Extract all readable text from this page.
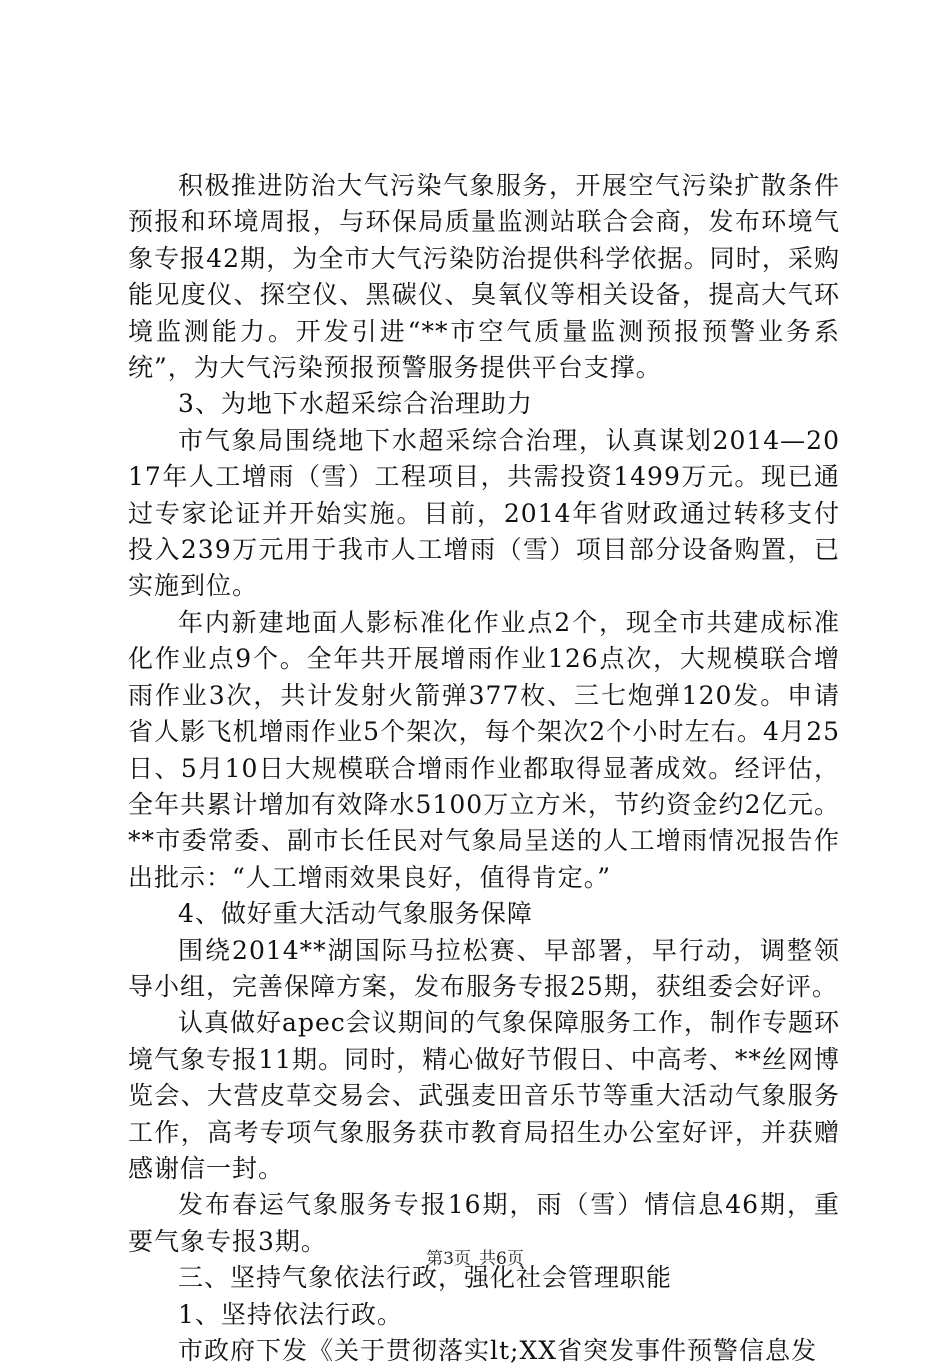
积极推进防治大气污染气象服务，开展空气污染扩散条件预报和环境周报，与环保局质量监测站联合会商，发布环境气象专报42期，为全市大气污染防治提供科学依据。同时，采购能见度仪、探空仪、黑碳仪、臭氧仪等相关设备，提高大气环境监测能力。开发引进“**市空气质量监测预报预警业务系统”，为大气污染预报预警服务提供平台支撑。

3、为地下水超采综合治理助力

市气象局围绕地下水超采综合治理，认真谋划2014—2017年人工增雨（雪）工程项目，共需投资1499万元。现已通过专家论证并开始实施。目前，2014年省财政通过转移支付投入239万元用于我市人工增雨（雪）项目部分设备购置，已实施到位。

年内新建地面人影标准化作业点2个，现全市共建成标准化作业点9个。全年共开展增雨作业126点次，大规模联合增雨作业3次，共计发射火箭弹377枚、三七炮弹120发。申请省人影飞机增雨作业5个架次，每个架次2个小时左右。4月25日、5月10日大规模联合增雨作业都取得显著成效。经评估，全年共累计增加有效降水5100万立方米，节约资金约2亿元。**市委常委、副市长任民对气象局呈送的人工增雨情况报告作出批示：“人工增雨效果良好，值得肯定。”

4、做好重大活动气象服务保障

围绕2014**湖国际马拉松赛、早部署，早行动，调整领导小组，完善保障方案，发布服务专报25期，获组委会好评。

认真做好apec会议期间的气象保障服务工作，制作专题环境气象专报11期。同时，精心做好节假日、中高考、**丝网博览会、大营皮草交易会、武强麦田音乐节等重大活动气象服务工作，高考专项气象服务获市教育局招生办公室好评，并获赠感谢信一封。

发布春运气象服务专报16期，雨（雪）情信息46期，重要气象专报3期。

三、坚持气象依法行政，强化社会管理职能

1、坚持依法行政。

市政府下发《关于贯彻落实lt;XX省突发事件预警信息发

第3页 共6页
